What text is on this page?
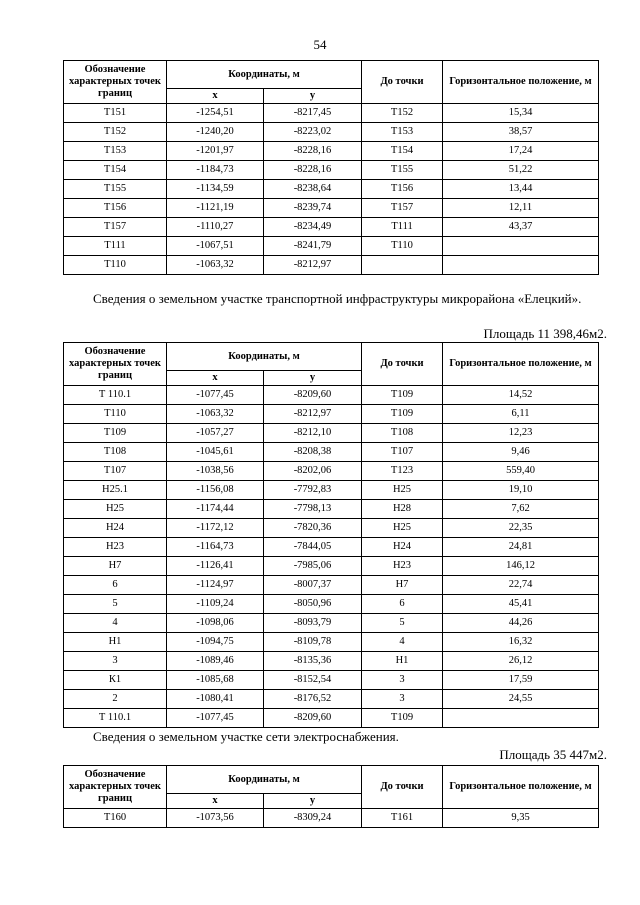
54
Обозначение характерных точек границ	Координаты, м		До точки	Горизонтальное положение, м
	x	y		
Т151	-1254,51	-8217,45	Т152	15,34
Т152	-1240,20	-8223,02	Т153	38,57
Т153	-1201,97	-8228,16	Т154	17,24
Т154	-1184,73	-8228,16	Т155	51,22
Т155	-1134,59	-8238,64	Т156	13,44
Т156	-1121,19	-8239,74	Т157	12,11
Т157	-1110,27	-8234,49	Т111	43,37
Т111	-1067,51	-8241,79	Т110	
Т110	-1063,32	-8212,97		
Сведения о земельном участке транспортной инфраструктуры микрорайона «Елецкий».
Площадь 11 398,46м2.
Обозначение характерных точек границ	Координаты, м		До точки	Горизонтальное положение, м
	x	y		
Т 110.1	-1077,45	-8209,60	Т109	14,52
Т110	-1063,32	-8212,97	Т109	6,11
Т109	-1057,27	-8212,10	Т108	12,23
Т108	-1045,61	-8208,38	Т107	9,46
Т107	-1038,56	-8202,06	Т123	559,40
Н25.1	-1156,08	-7792,83	Н25	19,10
Н25	-1174,44	-7798,13	Н28	7,62
Н24	-1172,12	-7820,36	Н25	22,35
Н23	-1164,73	-7844,05	Н24	24,81
Н7	-1126,41	-7985,06	Н23	146,12
6	-1124,97	-8007,37	Н7	22,74
5	-1109,24	-8050,96	6	45,41
4	-1098,06	-8093,79	5	44,26
Н1	-1094,75	-8109,78	4	16,32
3	-1089,46	-8135,36	Н1	26,12
К1	-1085,68	-8152,54	3	17,59
2	-1080,41	-8176,52	3	24,55
Т 110.1	-1077,45	-8209,60	Т109	
Сведения о земельном участке сети электроснабжения.
Площадь 35 447м2.
Обозначение характерных точек границ	Координаты, м		До точки	Горизонтальное положение, м
	x	y		
Т160	-1073,56	-8309,24	Т161	9,35
